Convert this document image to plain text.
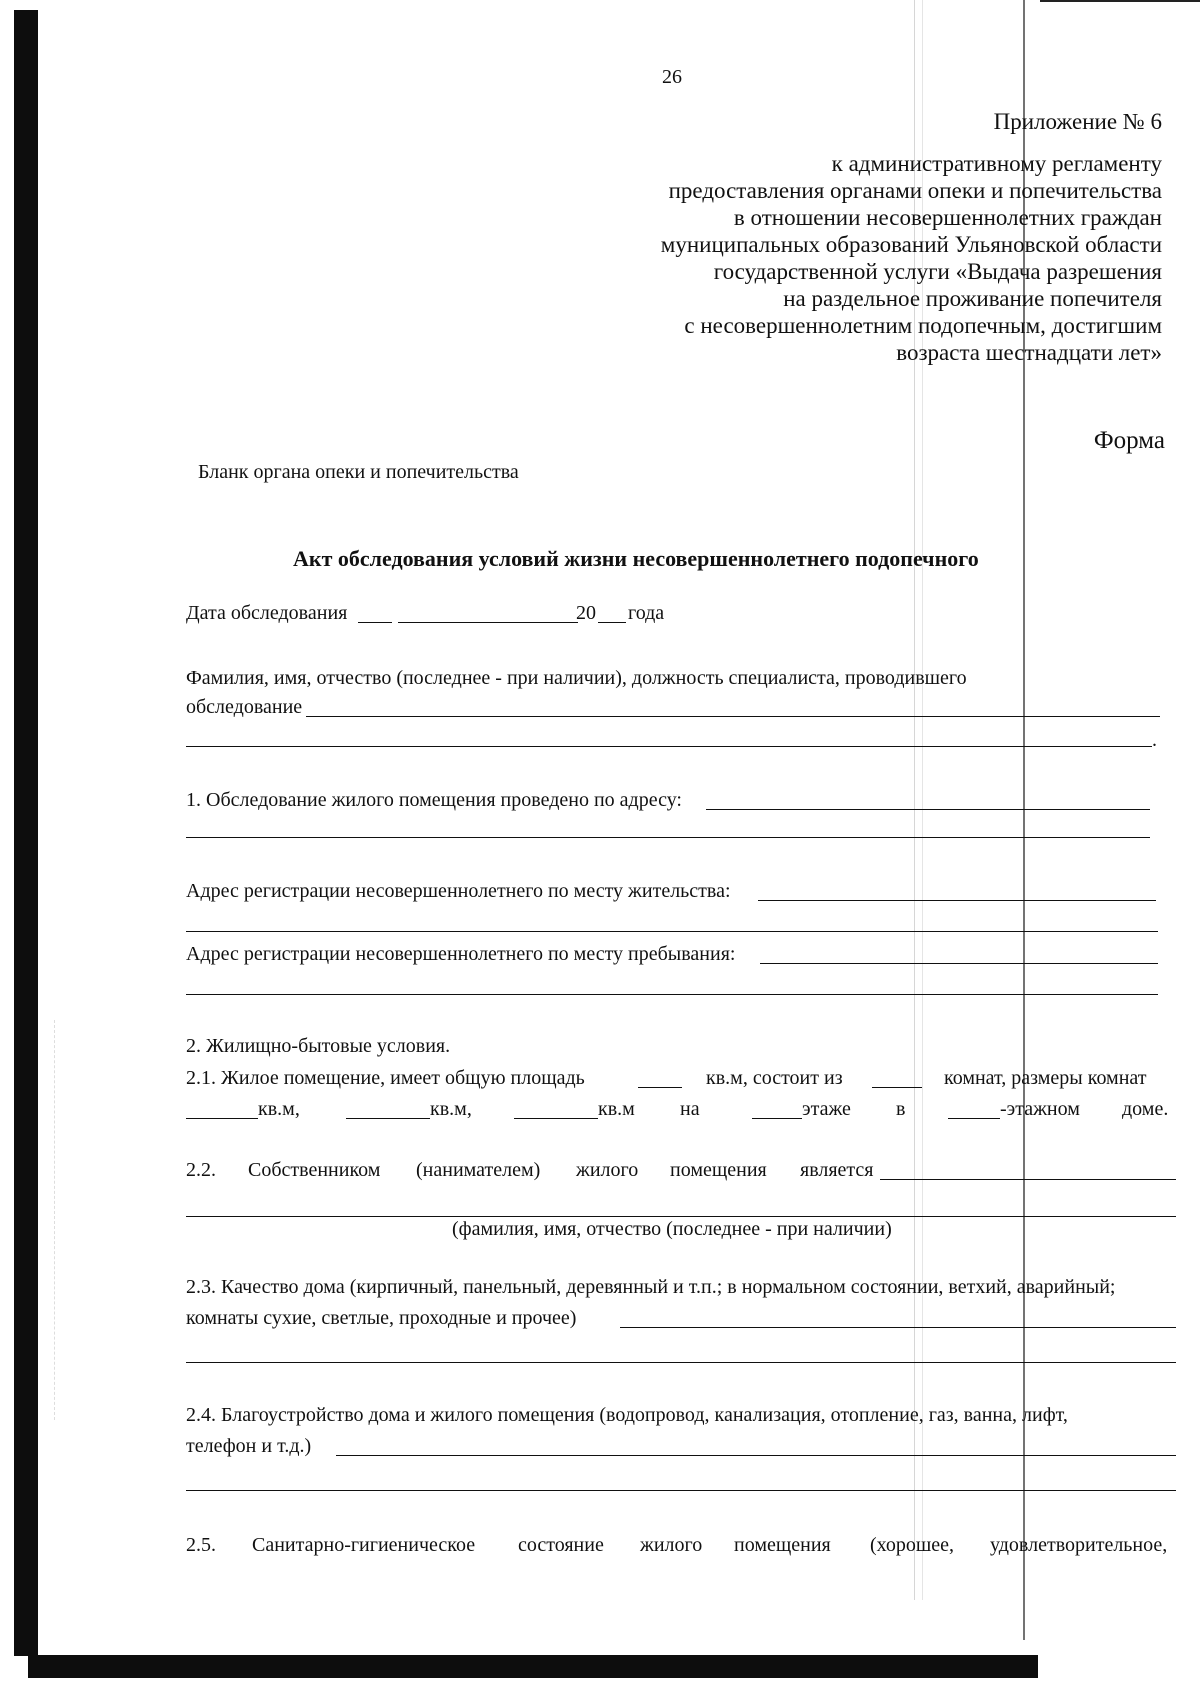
26
Приложение № 6
к административному регламенту
предоставления органами опеки и попечительства
в отношении несовершеннолетних граждан
муниципальных образований Ульяновской области
государственной услуги «Выдача разрешения
на раздельное проживание попечителя
с несовершеннолетним подопечным, достигшим
возраста шестнадцати лет»
Форма
Бланк органа опеки и попечительства
Акт обследования условий жизни несовершеннолетнего подопечного
Дата обследования	20 года
Фамилия, имя, отчество (последнее - при наличии), должность специалиста, проводившего
обследование
.
1. Обследование жилого помещения проведено по адресу:
Адрес регистрации несовершеннолетнего по месту жительства:
Адрес регистрации несовершеннолетнего по месту пребывания:
2. Жилищно-бытовые условия.
2.1. Жилое помещение, имеет общую площадь	кв.м, состоит из	комнат, размеры комнат
кв.м,	кв.м,	кв.м на	этаже в	-этажном доме.
2.2. Собственником (нанимателем) жилого помещения является
(фамилия, имя, отчество (последнее - при наличии)
2.3. Качество дома (кирпичный, панельный, деревянный и т.п.; в нормальном состоянии, ветхий, аварийный;
комнаты сухие, светлые, проходные и прочее)
2.4. Благоустройство дома и жилого помещения (водопровод, канализация, отопление, газ, ванна, лифт,
телефон и т.д.)
2.5. Санитарно-гигиеническое состояние жилого помещения (хорошее, удовлетворительное,
